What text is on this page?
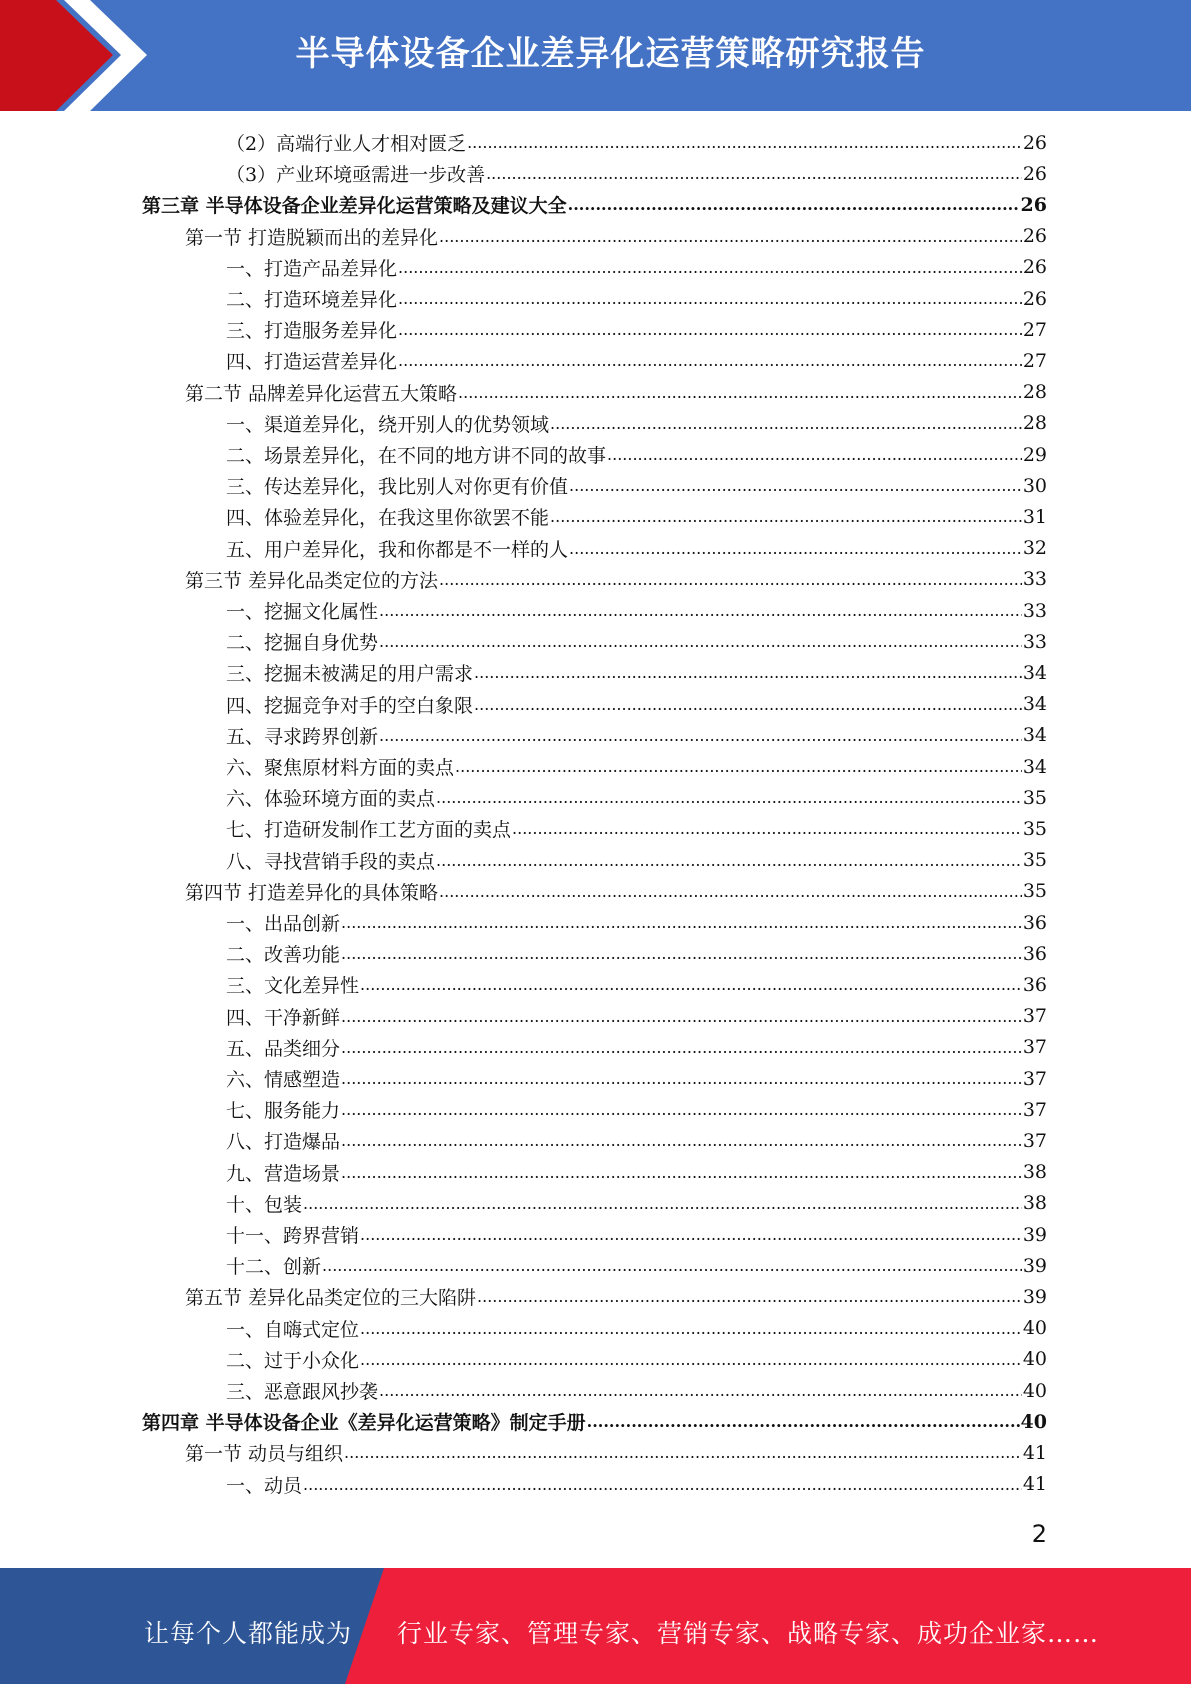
半导体设备企业差异化运营策略研究报告
（2）高端行业人才相对匮乏 .....	26
（3）产业环境亟需进一步改善 .....	26
第三章 半导体设备企业差异化运营策略及建议大全 .....	26
第一节 打造脱颖而出的差异化 .....	26
一、打造产品差异化 .....	26
二、打造环境差异化 .....	26
三、打造服务差异化 .....	27
四、打造运营差异化 .....	27
第二节 品牌差异化运营五大策略 .....	28
一、渠道差异化，绕开别人的优势领域 .....	28
二、场景差异化，在不同的地方讲不同的故事 .....	29
三、传达差异化，我比别人对你更有价值 .....	30
四、体验差异化，在我这里你欲罢不能 .....	31
五、用户差异化，我和你都是不一样的人 .....	32
第三节 差异化品类定位的方法 .....	33
一、挖掘文化属性 .....	33
二、挖掘自身优势 .....	33
三、挖掘未被满足的用户需求 .....	34
四、挖掘竞争对手的空白象限 .....	34
五、寻求跨界创新 .....	34
六、聚焦原材料方面的卖点 .....	34
六、体验环境方面的卖点 .....	35
七、打造研发制作工艺方面的卖点 .....	35
八、寻找营销手段的卖点 .....	35
第四节 打造差异化的具体策略 .....	35
一、出品创新 .....	36
二、改善功能 .....	36
三、文化差异性 .....	36
四、干净新鲜 .....	37
五、品类细分 .....	37
六、情感塑造 .....	37
七、服务能力 .....	37
八、打造爆品 .....	37
九、营造场景 .....	38
十、包装 .....	38
十一、跨界营销 .....	39
十二、创新 .....	39
第五节 差异化品类定位的三大陷阱 .....	39
一、自嗨式定位 .....	40
二、过于小众化 .....	40
三、恶意跟风抄袭 .....	40
第四章 半导体设备企业《差异化运营策略》制定手册 .....	40
第一节 动员与组织 .....	41
一、动员 .....	41
2
让每个人都能成为 行业专家、管理专家、营销专家、战略专家、成功企业家……
